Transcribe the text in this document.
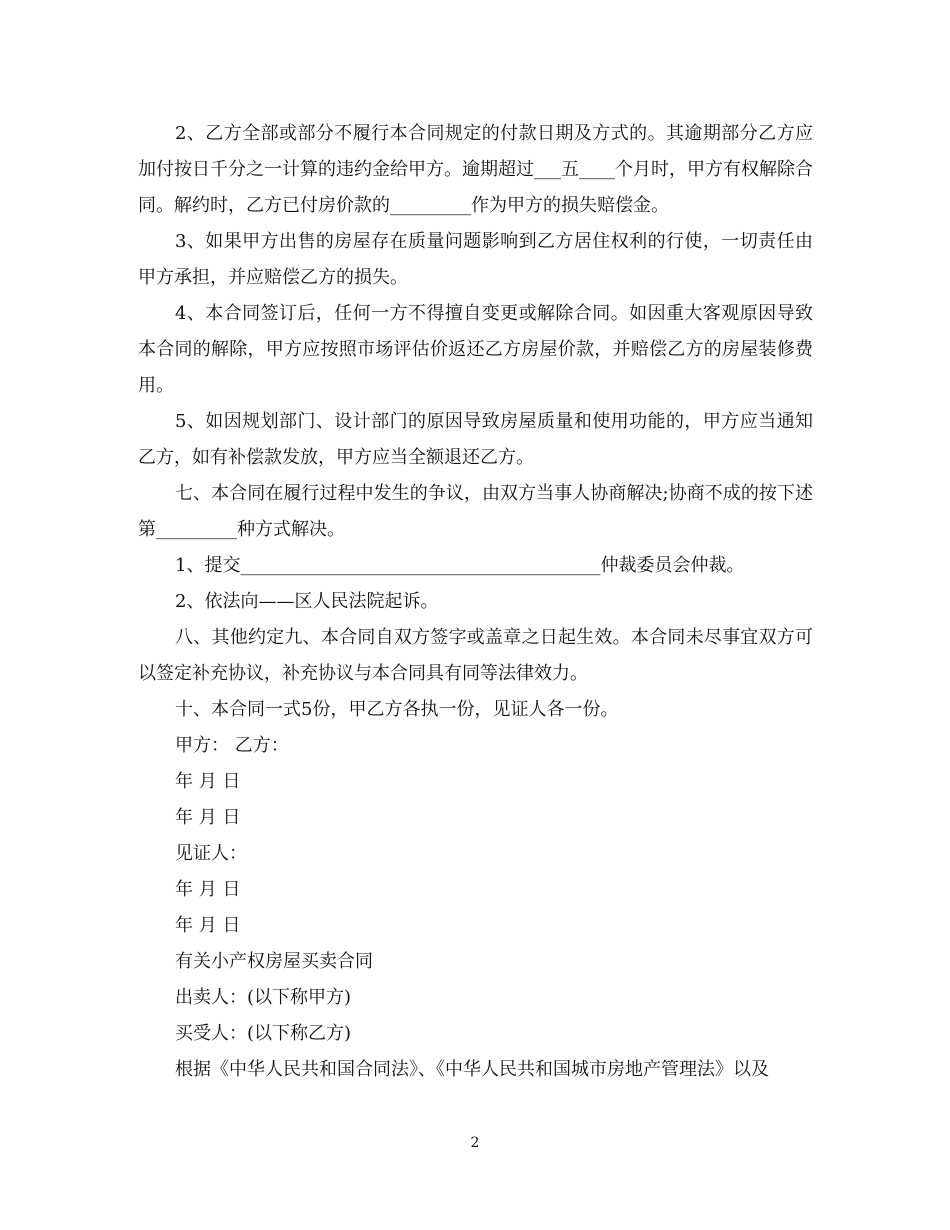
2、乙方全部或部分不履行本合同规定的付款日期及方式的。其逾期部分乙方应加付按日千分之一计算的违约金给甲方。逾期超过___五____个月时，甲方有权解除合同。解约时，乙方已付房价款的_________作为甲方的损失赔偿金。

3、如果甲方出售的房屋存在质量问题影响到乙方居住权利的行使，一切责任由甲方承担，并应赔偿乙方的损失。

4、本合同签订后，任何一方不得擅自变更或解除合同。如因重大客观原因导致本合同的解除，甲方应按照市场评估价返还乙方房屋价款，并赔偿乙方的房屋装修费用。

5、如因规划部门、设计部门的原因导致房屋质量和使用功能的，甲方应当通知乙方，如有补偿款发放，甲方应当全额退还乙方。

七、本合同在履行过程中发生的争议，由双方当事人协商解决;协商不成的按下述第_________种方式解决。

1、提交________________________________________仲裁委员会仲裁。

2、依法向——区人民法院起诉。

八、其他约定九、本合同自双方签字或盖章之日起生效。本合同未尽事宜双方可以签定补充协议，补充协议与本合同具有同等法律效力。

十、本合同一式5份，甲乙方各执一份，见证人各一份。

甲方： 乙方：

年 月 日

年 月 日

见证人：

年 月 日

年 月 日

有关小产权房屋买卖合同

出卖人：(以下称甲方)

买受人：(以下称乙方)

根据《中华人民共和国合同法》、《中华人民共和国城市房地产管理法》以及

2
